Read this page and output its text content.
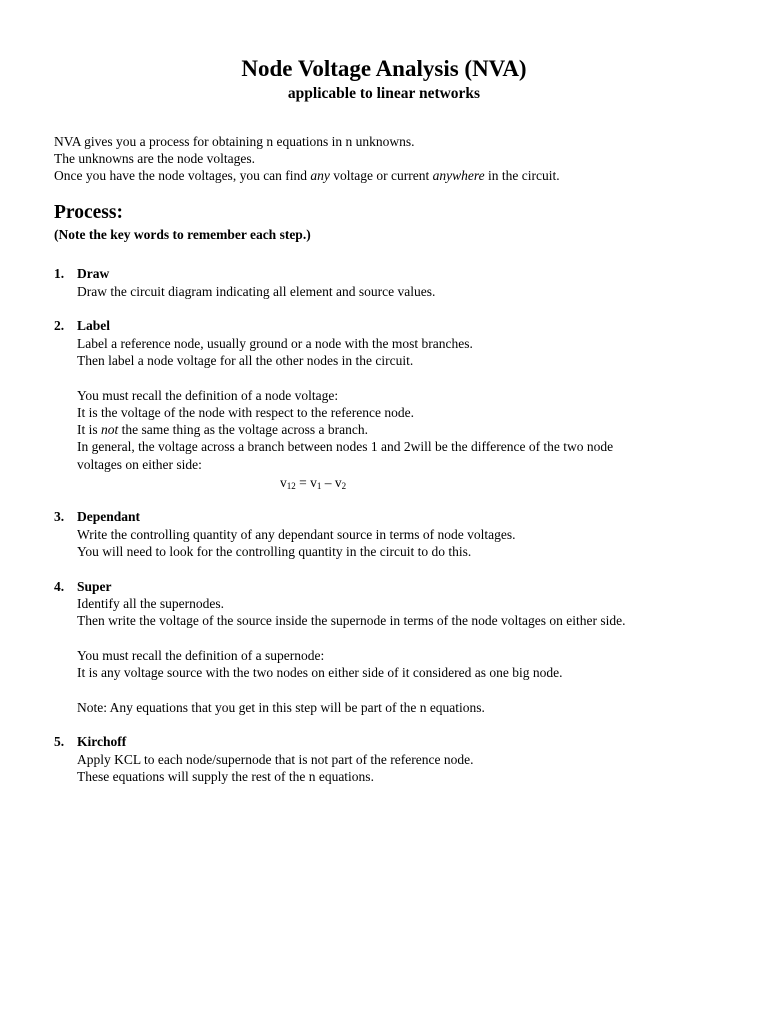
Node Voltage Analysis (NVA)
applicable to linear networks
NVA gives you a process for obtaining n equations in n unknowns.
The unknowns are the node voltages.
Once you have the node voltages, you can find any voltage or current anywhere in the circuit.
Process:
(Note the key words to remember each step.)
1. Draw
Draw the circuit diagram indicating all element and source values.
2. Label
Label a reference node, usually ground or a node with the most branches.
Then label a node voltage for all the other nodes in the circuit.
You must recall the definition of a node voltage:
It is the voltage of the node with respect to the reference node.
It is not the same thing as the voltage across a branch.
In general, the voltage across a branch between nodes 1 and 2will be the difference of the two node
voltages on either side:
$v_{12} = v_1 - v_2$
3. Dependant
Write the controlling quantity of any dependant source in terms of node voltages.
You will need to look for the controlling quantity in the circuit to do this.
4. Super
Identify all the supernodes.
Then write the voltage of the source inside the supernode in terms of the node voltages on either side.
You must recall the definition of a supernode:
It is any voltage source with the two nodes on either side of it considered as one big node.
Note: Any equations that you get in this step will be part of the n equations.
5. Kirchoff
Apply KCL to each node/supernode that is not part of the reference node.
These equations will supply the rest of the n equations.
